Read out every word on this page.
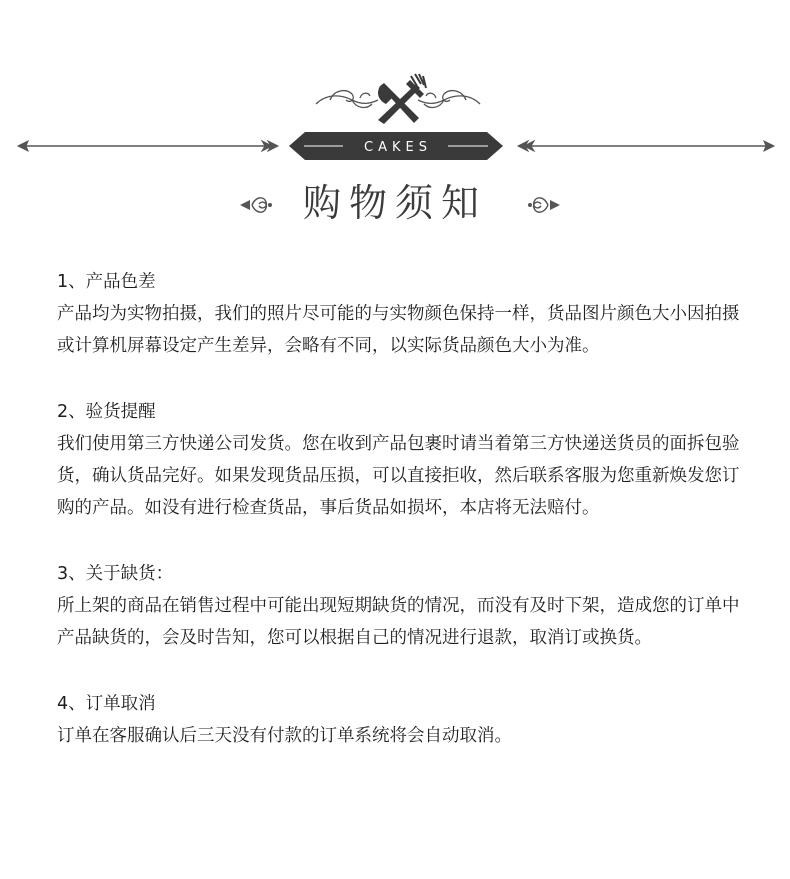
CAKES
购物须知

1、产品色差

产品均为实物拍摄，我们的照片尽可能的与实物颜色保持一样，货品图片颜色大小因拍摄或计算机屏幕设定产生差异，会略有不同，以实际货品颜色大小为准。

2、验货提醒

我们使用第三方快递公司发货。您在收到产品包裹时请当着第三方快递送货员的面拆包验货，确认货品完好。如果发现货品压损，可以直接拒收，然后联系客服为您重新焕发您订购的产品。如没有进行检查货品，事后货品如损坏，本店将无法赔付。

3、关于缺货：

所上架的商品在销售过程中可能出现短期缺货的情况，而没有及时下架，造成您的订单中产品缺货的，会及时告知，您可以根据自己的情况进行退款，取消订或换货。

4、订单取消

订单在客服确认后三天没有付款的订单系统将会自动取消。
